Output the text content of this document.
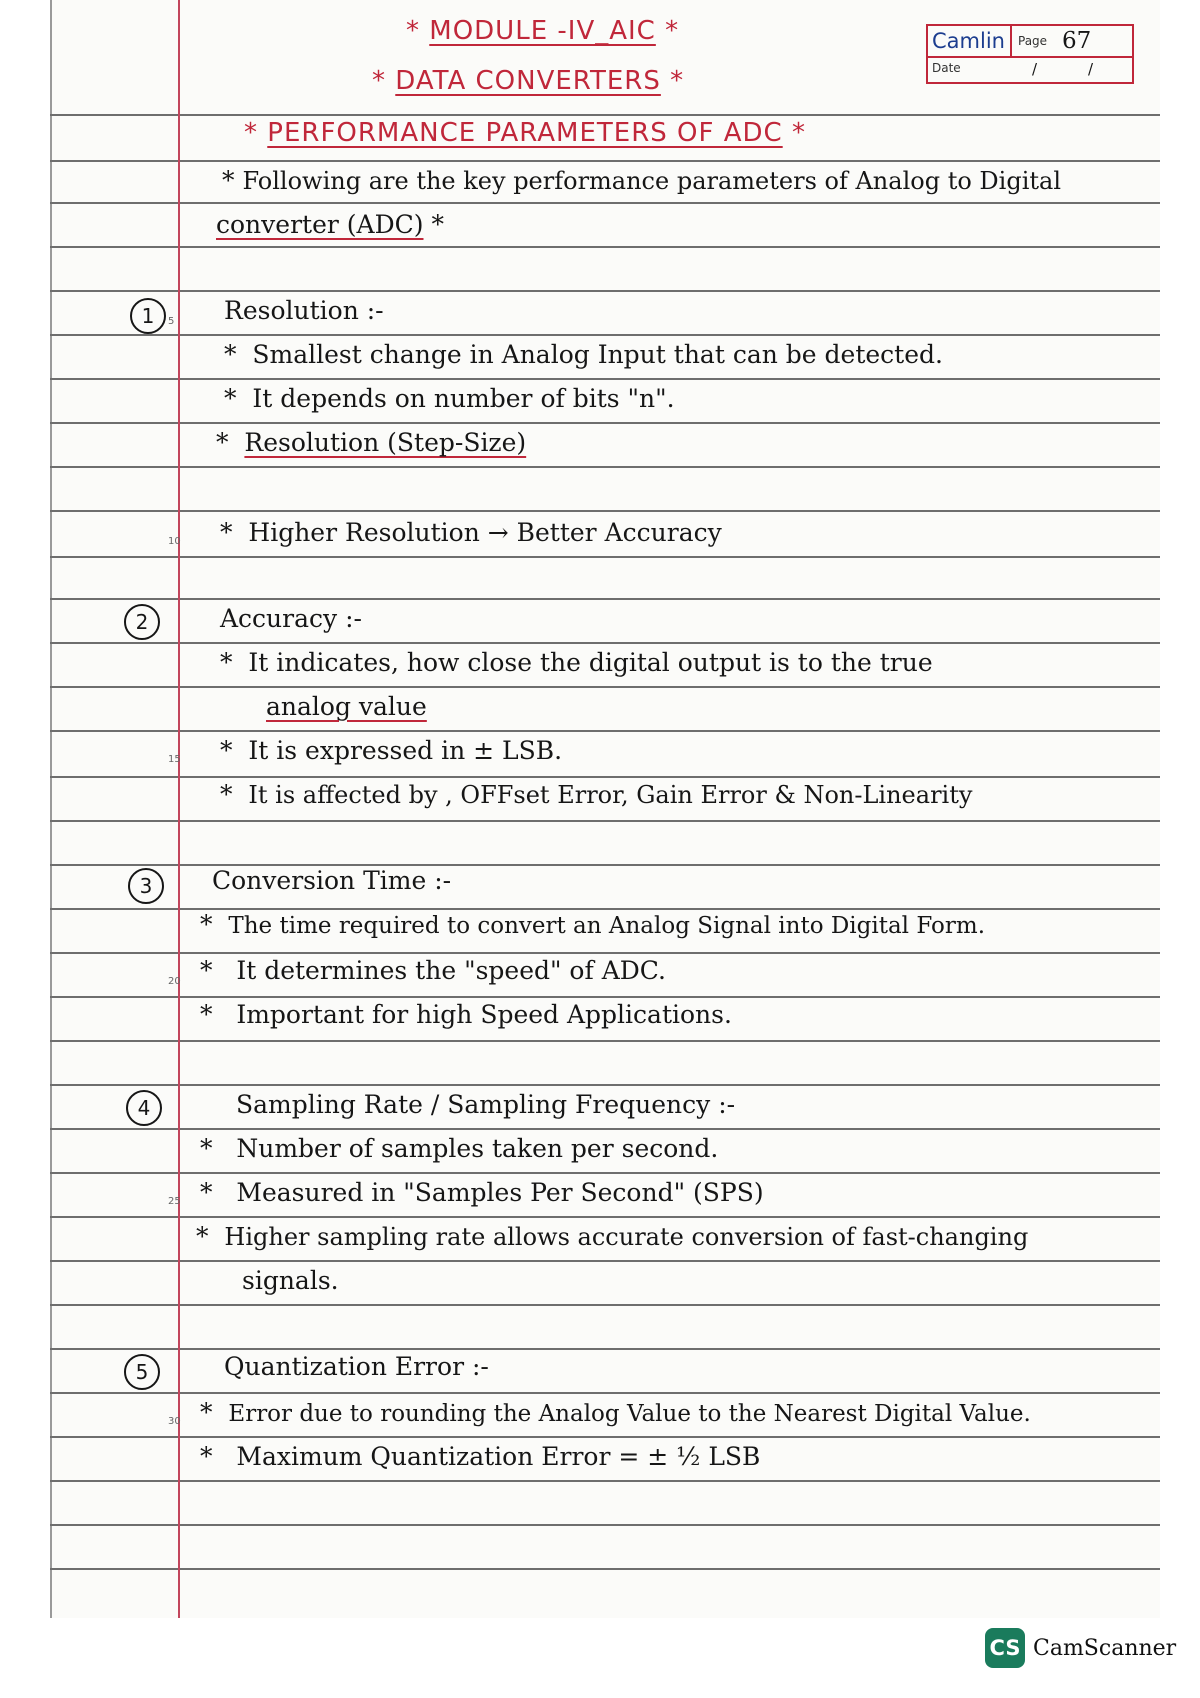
5
10
15
20
25
30
Camlin	Page 67
Date	/	/
* MODULE -IV_AIC *
* DATA CONVERTERS *
* PERFORMANCE PARAMETERS OF ADC *
* Following are the key performance parameters of Analog to Digital
converter (ADC) *
1	Resolution :-
* Smallest change in Analog Input that can be detected.
* It depends on number of bits "n".
* Resolution (Step-Size)
* Higher Resolution → Better Accuracy
2	Accuracy :-
* It indicates, how close the digital output is to the true
analog value
* It is expressed in ± LSB.
* It is affected by , OFFset Error, Gain Error & Non-Linearity
3	Conversion Time :-
* The time required to convert an Analog Signal into Digital Form.
* It determines the "speed" of ADC.
* Important for high Speed Applications.
4	Sampling Rate / Sampling Frequency :-
* Number of samples taken per second.
* Measured in "Samples Per Second" (SPS)
* Higher sampling rate allows accurate conversion of fast-changing
signals.
5	Quantization Error :-
* Error due to rounding the Analog Value to the Nearest Digital Value.
* Maximum Quantization Error = ± ½ LSB
CS CamScanner
